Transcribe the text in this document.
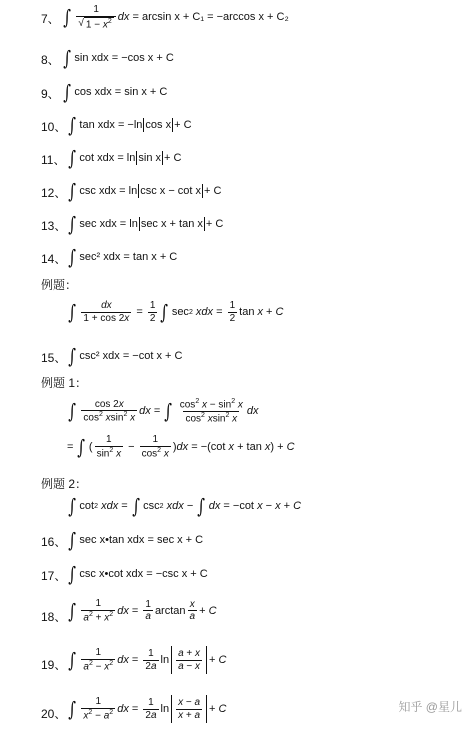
7、 ∫ $\frac{1}{√ 1 - x^2}$ dx
= arcsin x + C₁ = −arccos x + C₂
8、 ∫ sin xdx = −cos x + C
9、 ∫ cos xdx = sin x + C
10、 ∫ tan xdx = −ln cos x + C
11、 ∫ cot xdx = ln sin x + C
12、 ∫ csc xdx = ln csc x − cot x + C
13、 ∫ sec xdx = ln sec x + tan x + C
14、 ∫ sec² xdx = tan x + C
例题：
∫ $\frac{dx}{1 + \cos 2x} = \frac{1}{2}$ ∫ sec 2
xdx = $\frac{1}{2}$ tan x + C
15、 ∫ csc² xdx = −cot x + C
例题 1：
∫ $\frac{\cos 2x}{\cos^2 xsin^2 x}$ dx = ∫ $\frac{\cos^2 x - \sin^2 x}{\cos^2 xsin^2 x}$ dx
= ∫ ( $\frac{1}{\sin^2 x} - \frac{1}{\cos^2 x}$ ) dx = −(cot x + tan x ) + C
例题 2：
∫ cot 2
xdx = ∫ csc 2
xdx − ∫ dx = −cot x − x + C
16、 ∫ sec x•tan xdx = sec x + C
17、 ∫ csc x•cot xdx = −csc x + C
18、 ∫ $\frac{1}{a^2 + x^2}$ dx = $\frac{1}{a}$ $\arctan \frac{x}{a} + C$
19、 ∫ $\frac{1}{a^2 - x^2}$ dx = $\frac{1}{2a}$ $\ln \frac{a + x}{a - x} + C$
20、 ∫ $\frac{1}{x^2 - a^2}$ dx = $\frac{1}{2a}$ $\ln \frac{x - a}{x + a} + C$	知乎 @星儿
